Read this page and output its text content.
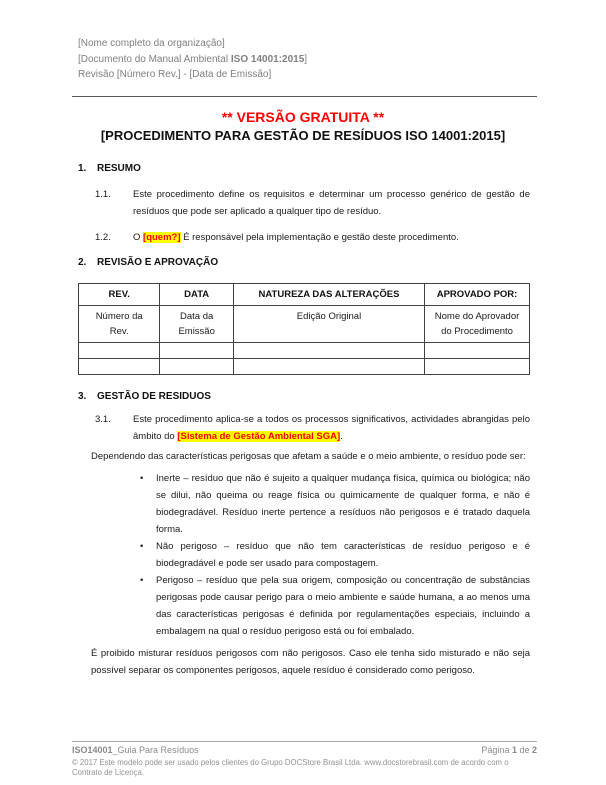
[Nome completo da organização]
[Documento do Manual Ambiental ISO 14001:2015]
Revisão [Número Rev.] - [Data de Emissão]
** VERSÃO GRATUITA **
[PROCEDIMENTO PARA GESTÃO DE RESÍDUOS ISO 14001:2015]
1.	RESUMO
1.1.	Este procedimento define os requisitos e determinar um processo genérico de gestão de resíduos que pode ser aplicado a qualquer tipo de resíduo.
1.2.	O [quem?] É responsável pela implementação e gestão deste procedimento.
2.	REVISÃO E APROVAÇÃO
REV.	DATA	NATUREZA DAS ALTERAÇÕES	APROVADO POR:
Número da Rev.	Data da Emissão	Edição Original	Nome do Aprovador do Procedimento

3.	GESTÃO DE RESIDUOS
3.1.	Este procedimento aplica-se a todos os processos significativos, actividades abrangidas pelo âmbito do [Sistema de Gestão Ambiental SGA].
Dependendo das características perigosas que afetam a saúde e o meio ambiente, o resíduo pode ser:
•	Inerte – resíduo que não é sujeito a qualquer mudança física, química ou biológica; não se dilui, não queima ou reage física ou quimicamente de qualquer forma, e não é biodegradável. Resíduo inerte pertence a resíduos não perigosos e é tratado daquela forma.
•	Não perigoso – resíduo que não tem características de resíduo perigoso e é biodegradável e pode ser usado para compostagem.
•	Perigoso – resíduo que pela sua origem, composição ou concentração de substâncias perigosas pode causar perigo para o meio ambiente e saúde humana, a ao menos uma das características perigosas é definida por regulamentações especiais, incluindo a embalagem na qual o resíduo perigoso está ou foi embalado.
É proibido misturar resíduos perigosos com não perigosos. Caso ele tenha sido misturado e não seja possível separar os componentes perigosos, aquele resíduo é considerado como perigoso.
ISO14001_Guia Para Resíduos	Página 1 de 2
© 2017 Este modelo pode ser usado pelos clientes do Grupo DOCStore Brasil Ltda. www.docstorebrasil.com de acordo com o Contrato de Licença.
